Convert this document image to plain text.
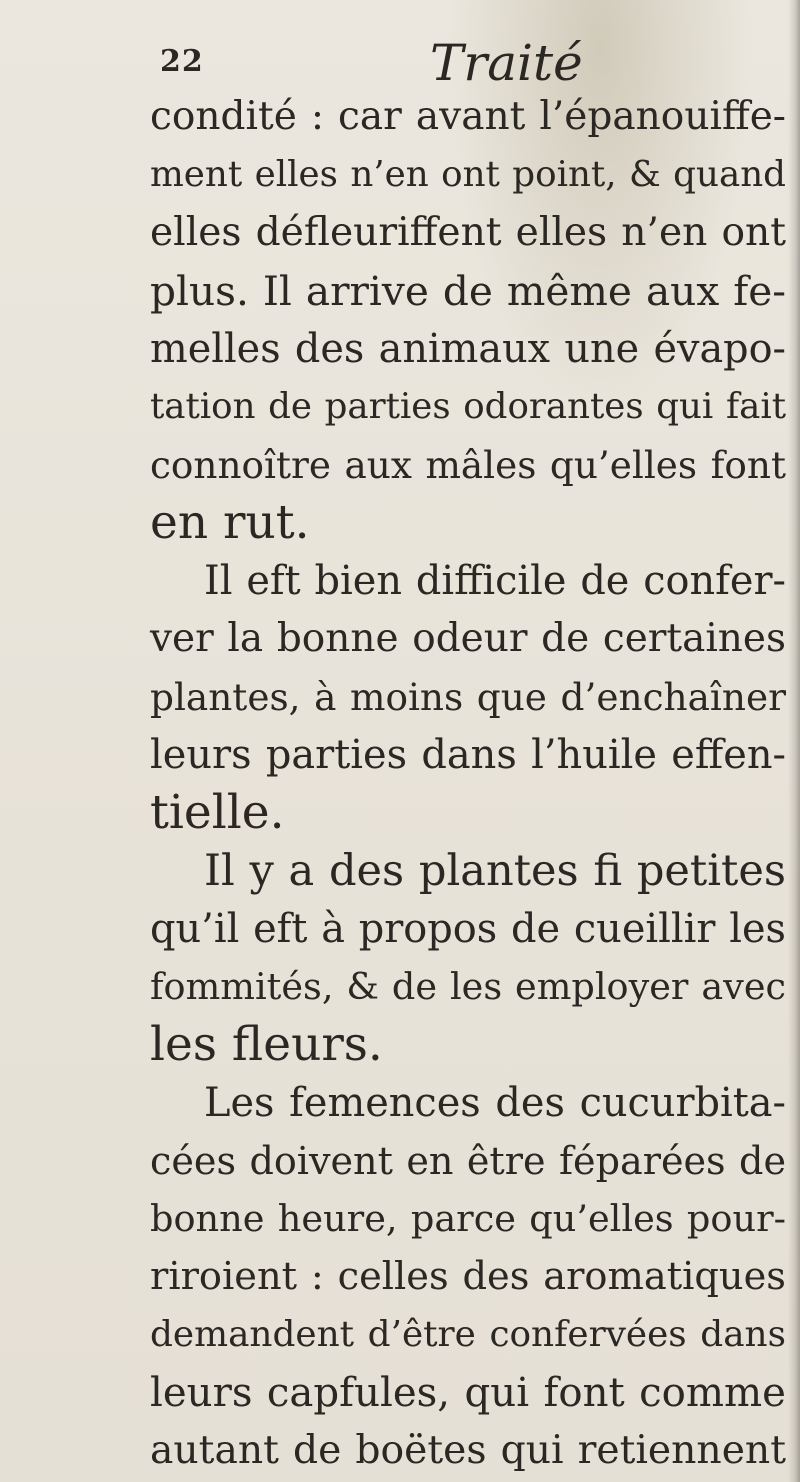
22	Traité
condité : car avant l’épanouiffe-
ment elles n’en ont point, & quand
elles défleuriffent elles n’en ont
plus. Il arrive de même aux fe-
melles des animaux une évapo-
tation de parties odorantes qui fait
connoître aux mâles qu’elles font
en rut.
Il eft bien difficile de confer-
ver la bonne odeur de certaines
plantes, à moins que d’enchaîner
leurs parties dans l’huile effen-
tielle.
Il y a des plantes fi petites
qu’il eft à propos de cueillir les
fommités, & de les employer avec
les fleurs.
Les femences des cucurbita-
cées doivent en être féparées de
bonne heure, parce qu’elles pour-
riroient : celles des aromatiques
demandent d’être confervées dans
leurs capfules, qui font comme
autant de boëtes qui retiennent
